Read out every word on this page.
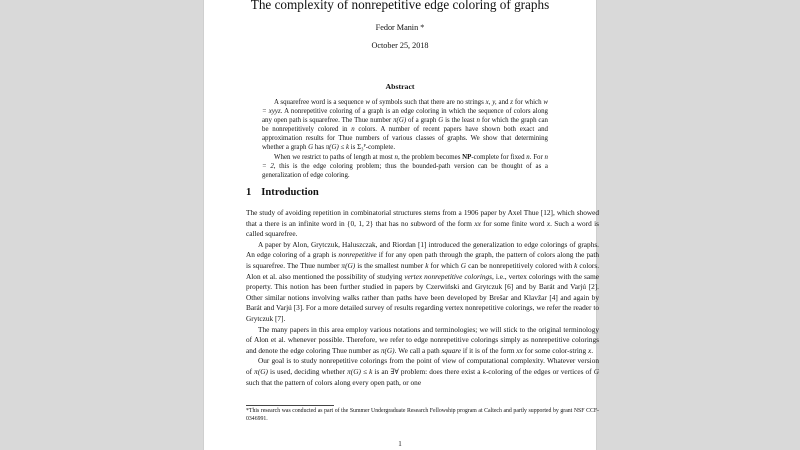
The complexity of nonrepetitive edge coloring of graphs
Fedor Manin *
October 25, 2018
Abstract

A squarefree word is a sequence w of symbols such that there are no strings x, y, and z for which w = xyyz. A nonrepetitive coloring of a graph is an edge coloring in which the sequence of colors along any open path is squarefree. The Thue number π(G) of a graph G is the least n for which the graph can be nonrepetitively colored in n colors. A number of recent papers have shown both exact and approximation results for Thue numbers of various classes of graphs. We show that determining whether a graph G has π(G) ≤ k is Σ₃ᴾ-complete.

When we restrict to paths of length at most n, the problem becomes NP-complete for fixed n. For n = 2, this is the edge coloring problem; thus the bounded-path version can be thought of as a generalization of edge coloring.

1 Introduction

The study of avoiding repetition in combinatorial structures stems from a 1906 paper by Axel Thue [12], which showed that a there is an infinite word in {0, 1, 2} that has no subword of the form xx for some finite word x. Such a word is called squarefree.

A paper by Alon, Grytczuk, Haluszczak, and Riordan [1] introduced the generalization to edge colorings of graphs. An edge coloring of a graph is nonrepetitive if for any open path through the graph, the pattern of colors along the path is squarefree. The Thue number π(G) is the smallest number k for which G can be nonrepetitively colored with k colors. Alon et al. also mentioned the possibility of studying vertex nonrepetitive colorings, i.e., vertex colorings with the same property. This notion has been further studied in papers by Czerwiński and Grytczuk [6] and by Barát and Varjú [2]. Other similar notions involving walks rather than paths have been developed by Brešar and Klavžar [4] and again by Barát and Varjú [3]. For a more detailed survey of results regarding vertex nonrepetitive colorings, we refer the reader to Grytczuk [7].

The many papers in this area employ various notations and terminologies; we will stick to the original terminology of Alon et al. whenever possible. Therefore, we refer to edge nonrepetitive colorings simply as nonrepetitive colorings and denote the edge coloring Thue number as π(G). We call a path square if it is of the form xx for some color-string x.

Our goal is to study nonrepetitive colorings from the point of view of computational complexity. Whatever version of π(G) is used, deciding whether π(G) ≤ k is an ∃∀ problem: does there exist a k-coloring of the edges or vertices of G such that the pattern of colors along every open path, or one

*This research was conducted as part of the Summer Undergraduate Research Fellowship program at Caltech and partly supported by grant NSF CCF-0346991.
1
